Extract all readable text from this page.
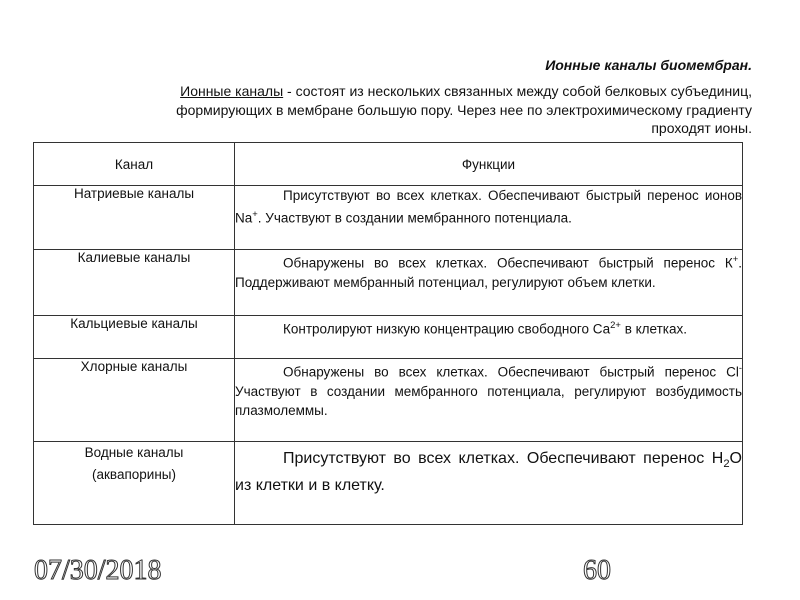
Ионные каналы биомембран.

Ионные каналы - состоят из нескольких связанных между собой белковых субъединиц, формирующих в мембране большую пору. Через нее по электрохимическому градиенту проходят ионы.

Канал	Функции
Натриевые каналы	Присутствуют во всех клетках. Обеспечивают быстрый перенос ионов Na+. Участвуют в создании мембранного потенциала.
Калиевые каналы	Обнаружены во всех клетках. Обеспечивают быстрый перенос К+. Поддерживают мембранный потенциал, регулируют объем клетки.
Кальциевые каналы	Контролируют низкую концентрацию свободного $Са^{2+}$ в клетках.
Хлорные каналы	Обнаружены во всех клетках. Обеспечивают быстрый перенос Cl-  Участвуют в создании мембранного потенциала, регулируют возбудимость плазмолеммы.
Водные каналы
(аквапорины)	Присутствуют во всех клетках. Обеспечивают перенос $Н_2О$ из клетки и в клетку.
07/30/2018	60
